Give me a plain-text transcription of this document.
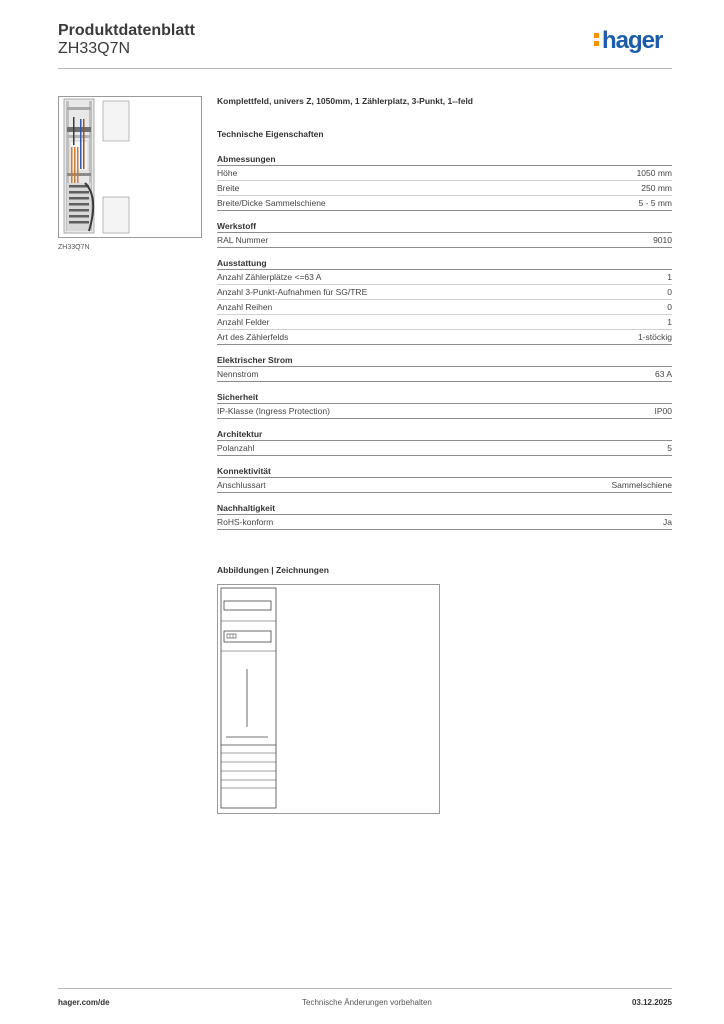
Produktdatenblatt
ZH33Q7N	hager
ZH33Q7N
Komplettfeld, univers Z, 1050mm, 1 Zählerplatz, 3-Punkt, 1--feld
Technische Eigenschaften
Abmessungen
Höhe	1050 mm
Breite	250 mm
Breite/Dicke Sammelschiene	5 - 5 mm
Werkstoff
RAL Nummer	9010
Ausstattung
Anzahl Zählerplätze <=63 A	1
Anzahl 3-Punkt-Aufnahmen für SG/TRE	0
Anzahl Reihen	0
Anzahl Felder	1
Art des Zählerfelds	1-stöckig
Elektrischer Strom
Nennstrom	63 A
Sicherheit
IP-Klasse (Ingress Protection)	IP00
Architektur
Polanzahl	5
Konnektivität
Anschlussart	Sammelschiene
Nachhaltigkeit
RoHS-konform	Ja
Abbildungen | Zeichnungen
hager.com/de	Technische Änderungen vorbehalten	03.12.2025
